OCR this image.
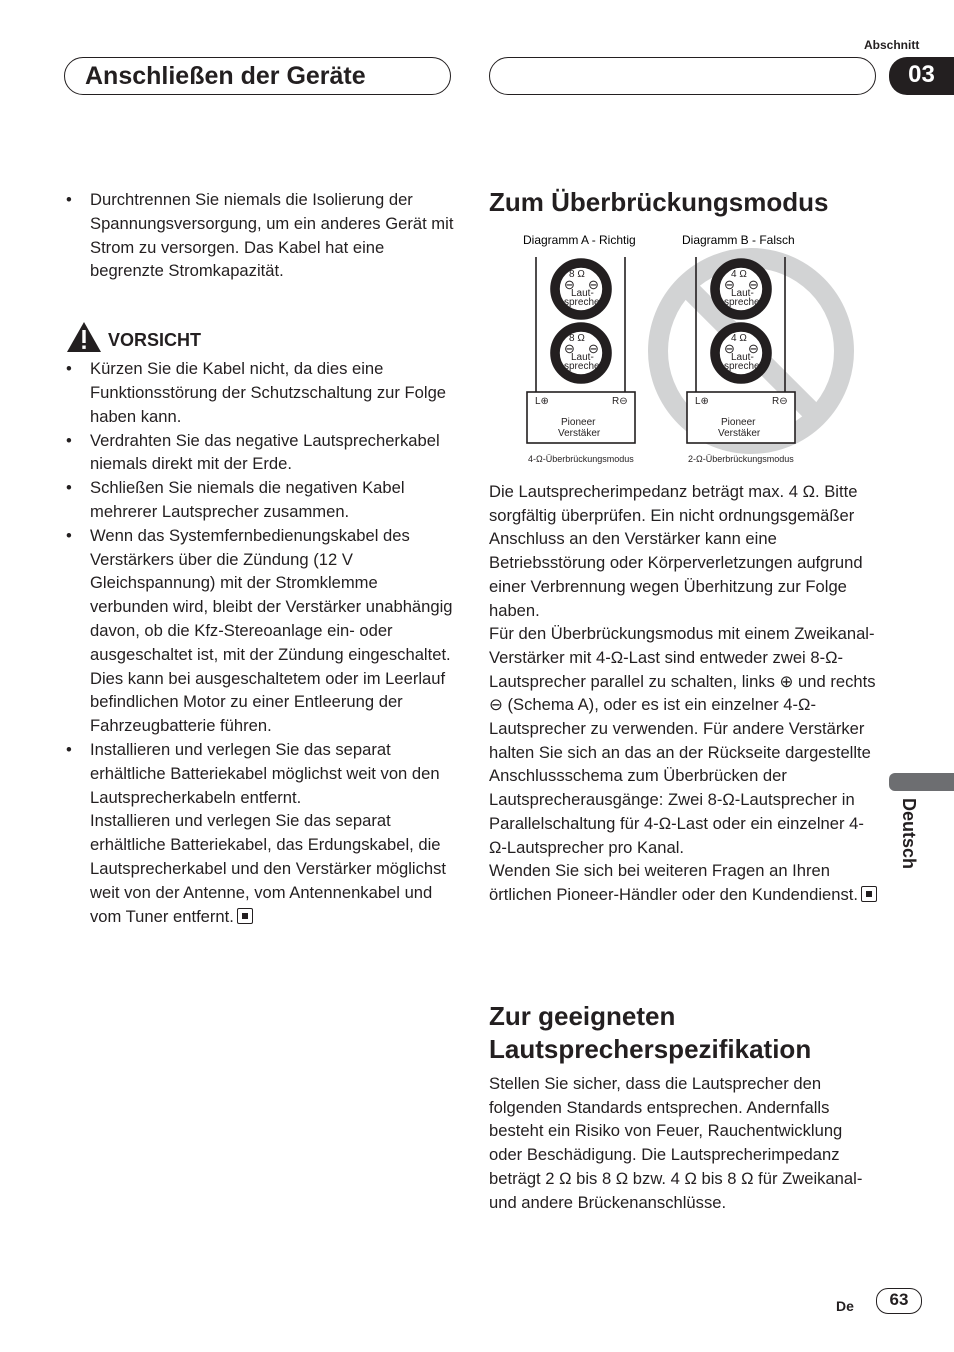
Anschließen der Geräte
Abschnitt
03
• Durchtrennen Sie niemals die Isolierung der Spannungsversorgung, um ein anderes Gerät mit Strom zu versorgen. Das Kabel hat eine begrenzte Stromkapazität.
VORSICHT
• Kürzen Sie die Kabel nicht, da dies eine Funktionsstörung der Schutzschaltung zur Folge haben kann.
• Verdrahten Sie das negative Lautsprecherkabel niemals direkt mit der Erde.
• Schließen Sie niemals die negativen Kabel mehrerer Lautsprecher zusammen.
• Wenn das Systemfernbedienungskabel des Verstärkers über die Zündung (12 V Gleichspannung) mit der Stromklemme verbunden wird, bleibt der Verstärker unabhängig davon, ob die Kfz-Stereoanlage ein- oder ausgeschaltet ist, mit der Zündung eingeschaltet. Dies kann bei ausgeschaltetem oder im Leerlauf befindlichen Motor zu einer Entleerung der Fahrzeugbatterie führen.
• Installieren und verlegen Sie das separat erhältliche Batteriekabel möglichst weit von den Lautsprecherkabeln entfernt.
Installieren und verlegen Sie das separat erhältliche Batteriekabel, das Erdungskabel, die Lautsprecherkabel und den Verstärker möglichst weit von der Antenne, vom Antennenkabel und vom Tuner entfernt.
Zum Überbrückungsmodus
Diagramm A - Richtig	Diagramm B - Falsch
8 Ω
⊖ ⊖
Laut-
sprecher
8 Ω
⊖ ⊖
Laut-
sprecher
L⊕	R⊖
Pioneer
Verstäker
4-Ω-Überbrückungsmodus
4 Ω
⊖ ⊖
Laut-
sprecher
4 Ω
⊖ ⊖
Laut-
sprecher
L⊕	R⊖
Pioneer
Verstäker
2-Ω-Überbrückungsmodus

Die Lautsprecherimpedanz beträgt max. 4 Ω. Bitte sorgfältig überprüfen. Ein nicht ordnungsgemäßer Anschluss an den Verstärker kann eine Betriebsstörung oder Körperverletzungen aufgrund einer Verbrennung wegen Überhitzung zur Folge haben.

Für den Überbrückungsmodus mit einem Zweikanal-Verstärker mit 4-Ω-Last sind entweder zwei 8-Ω-Lautsprecher parallel zu schalten, links ⊕ und rechts ⊖ (Schema A), oder es ist ein einzelner 4-Ω-Lautsprecher zu verwenden. Für andere Verstärker halten Sie sich an das an der Rückseite dargestellte Anschlussschema zum Überbrücken der Lautsprecherausgänge: Zwei 8-Ω-Lautsprecher in Parallelschaltung für 4-Ω-Last oder ein einzelner 4-Ω-Lautsprecher pro Kanal.

Wenden Sie sich bei weiteren Fragen an Ihren örtlichen Pioneer-Händler oder den Kundendienst.

Zur geeigneten Lautsprecherspezifikation

Stellen Sie sicher, dass die Lautsprecher den folgenden Standards entsprechen. Andernfalls besteht ein Risiko von Feuer, Rauchentwicklung oder Beschädigung. Die Lautsprecherimpedanz beträgt 2 Ω bis 8 Ω bzw. 4 Ω bis 8 Ω für Zweikanal- und andere Brückenanschlüsse.

Deutsch
De	63
